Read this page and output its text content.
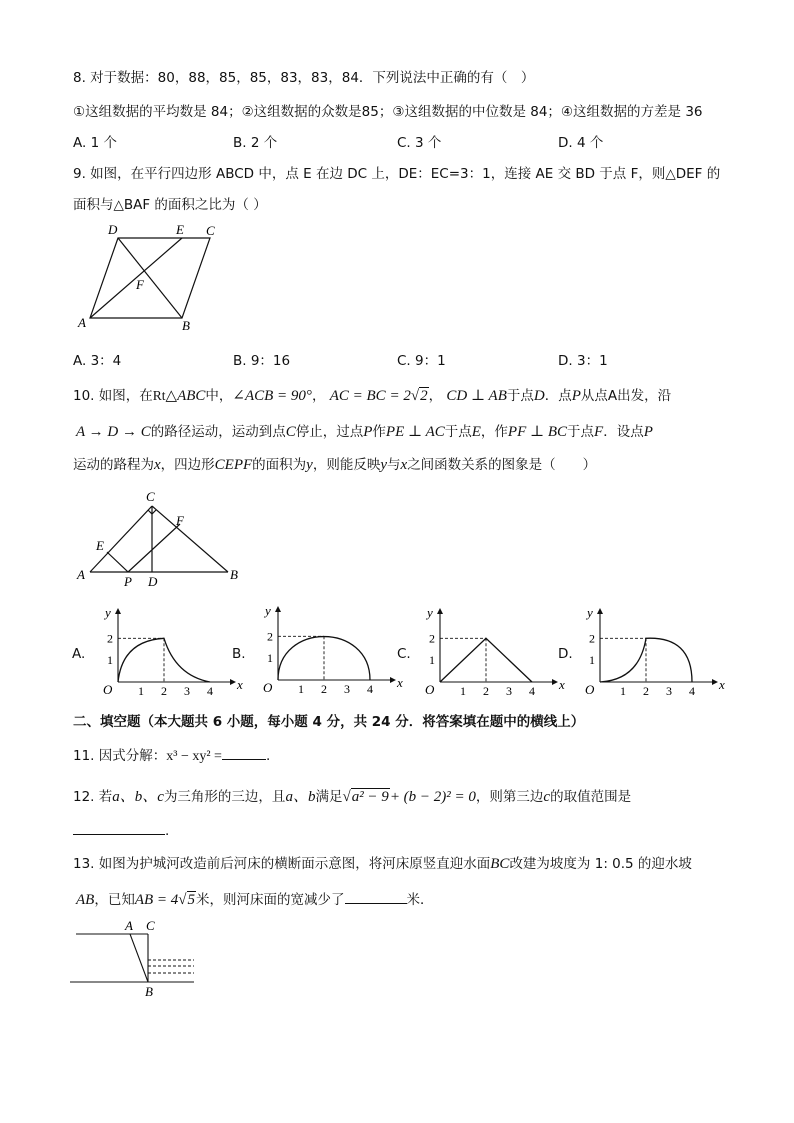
8. 对于数据：80，88，85，85，83，83，84．下列说法中正确的有（　）
①这组数据的平均数是 84；②这组数据的众数是85；③这组数据的中位数是 84；④这组数据的方差是 36
A. 1 个	B. 2 个	C. 3 个	D. 4 个
9. 如图，在平行四边形 ABCD 中，点 E 在边 DC 上，DE：EC=3：1，连接 AE 交 BD 于点 F，则△DEF 的
面积与△BAF 的面积之比为（ ）
D	E C
F
A	B
A. 3：4	B. 9：16	C. 9：1	D. 3：1
10. 如图，在Rt△ABC中，∠ACB = 90°， AC = BC = 2√2， CD ⊥ AB于点D．点P从点A出发，沿
A → D → C的路径运动，运动到点C停止，过点P作PE ⊥ AC于点E，作PF ⊥ BC于点F．设点P
运动的路程为x，四边形CEPF的面积为y，则能反映y与x之间函数关系的图象是（　　）
C
F
E
A	P D	B
A.	B.	C.	D.
y
x
O 1 2 3 4
1
2
y
x
O 1 2 3 4
1
2
y
x
O 1 2 3 4
1
2
y
x
O 1 2 3 4
1
2
二、填空题（本大题共 6 小题，每小题 4 分，共 24 分．将答案填在题中的横线上）
11. 因式分解：x³ − xy² =	.
12. 若a、b、c为三角形的三边，且a、b满足√a² − 9+ (b − 2)² = 0，则第三边c的取值范围是
.
13. 如图为护城河改造前后河床的横断面示意图，将河床原竖直迎水面BC改建为坡度为 1: 0.5 的迎水坡
AB，已知AB = 4√5米，则河床面的宽减少了	米．
A C
B
